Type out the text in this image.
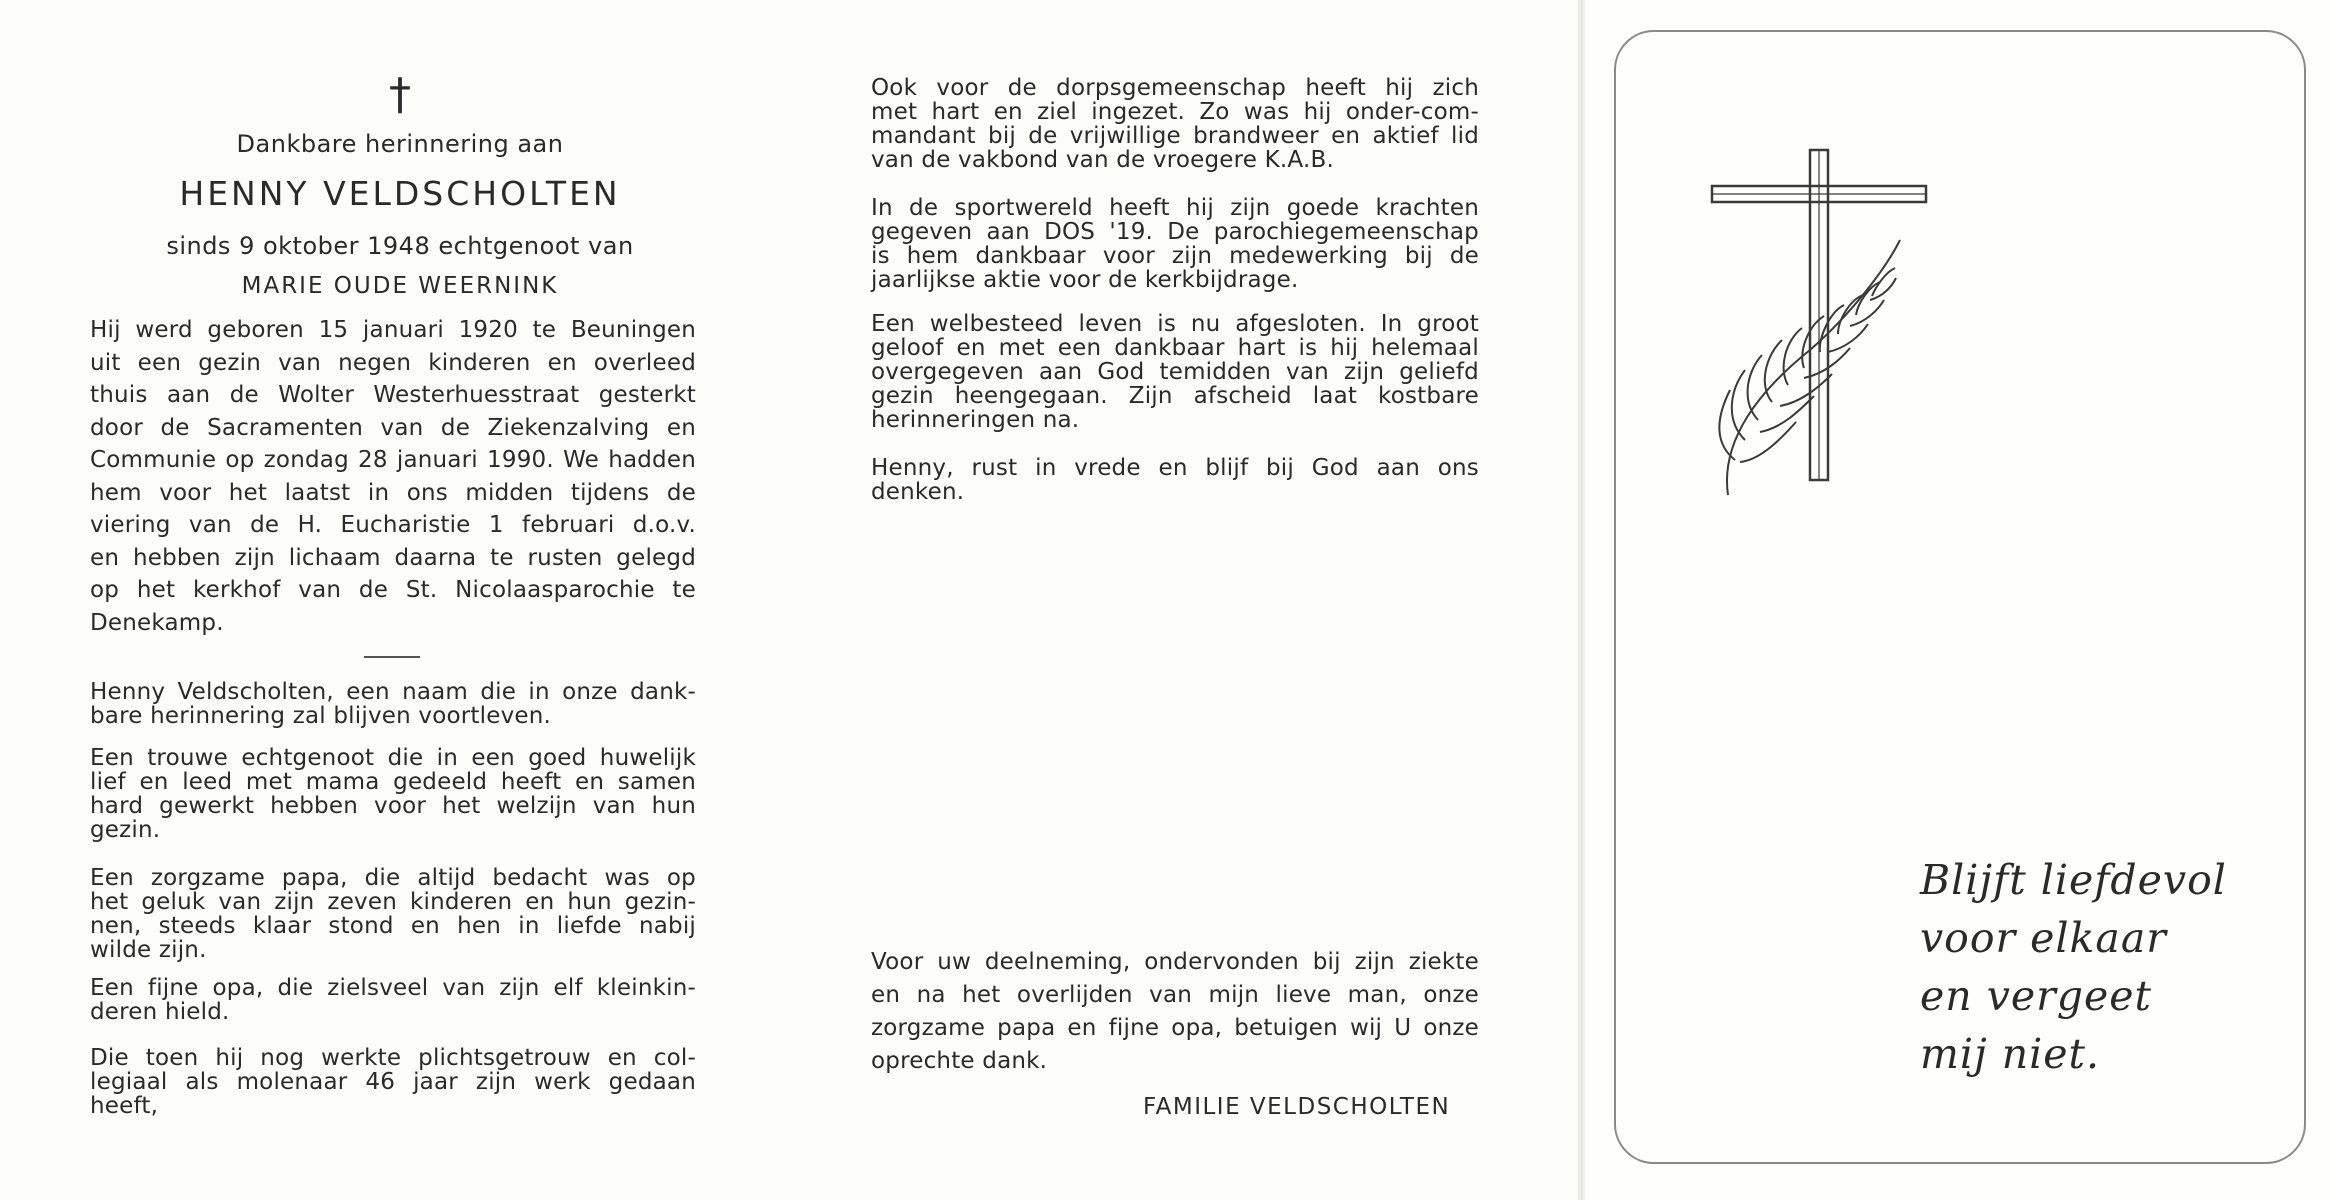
†
Dankbare herinnering aan
HENNY VELDSCHOLTEN
sinds 9 oktober 1948 echtgenoot van
MARIE OUDE WEERNINK
Hij werd geboren 15 januari 1920 te Beuningen
uit een gezin van negen kinderen en overleed
thuis aan de Wolter Westerhuesstraat gesterkt
door de Sacramenten van de Ziekenzalving en
Communie op zondag 28 januari 1990. We hadden
hem voor het laatst in ons midden tijdens de
viering van de H. Eucharistie 1 februari d.o.v.
en hebben zijn lichaam daarna te rusten gelegd
op het kerkhof van de St. Nicolaasparochie te
Denekamp.
Henny Veldscholten, een naam die in onze dank-
bare herinnering zal blijven voortleven.
Een trouwe echtgenoot die in een goed huwelijk
lief en leed met mama gedeeld heeft en samen
hard gewerkt hebben voor het welzijn van hun
gezin.
Een zorgzame papa, die altijd bedacht was op
het geluk van zijn zeven kinderen en hun gezin-
nen, steeds klaar stond en hen in liefde nabij
wilde zijn.
Een fijne opa, die zielsveel van zijn elf kleinkin-
deren hield.
Die toen hij nog werkte plichtsgetrouw en col-
legiaal als molenaar 46 jaar zijn werk gedaan
heeft,
Ook voor de dorpsgemeenschap heeft hij zich
met hart en ziel ingezet. Zo was hij onder-com-
mandant bij de vrijwillige brandweer en aktief lid
van de vakbond van de vroegere K.A.B.
In de sportwereld heeft hij zijn goede krachten
gegeven aan DOS '19. De parochiegemeenschap
is hem dankbaar voor zijn medewerking bij de
jaarlijkse aktie voor de kerkbijdrage.
Een welbesteed leven is nu afgesloten. In groot
geloof en met een dankbaar hart is hij helemaal
overgegeven aan God temidden van zijn geliefd
gezin heengegaan. Zijn afscheid laat kostbare
herinneringen na.
Henny, rust in vrede en blijf bij God aan ons
denken.
Voor uw deelneming, ondervonden bij zijn ziekte
en na het overlijden van mijn lieve man, onze
zorgzame papa en fijne opa, betuigen wij U onze
oprechte dank.
FAMILIE VELDSCHOLTEN
Blijft liefdevol
voor elkaar
en vergeet
mij niet.
